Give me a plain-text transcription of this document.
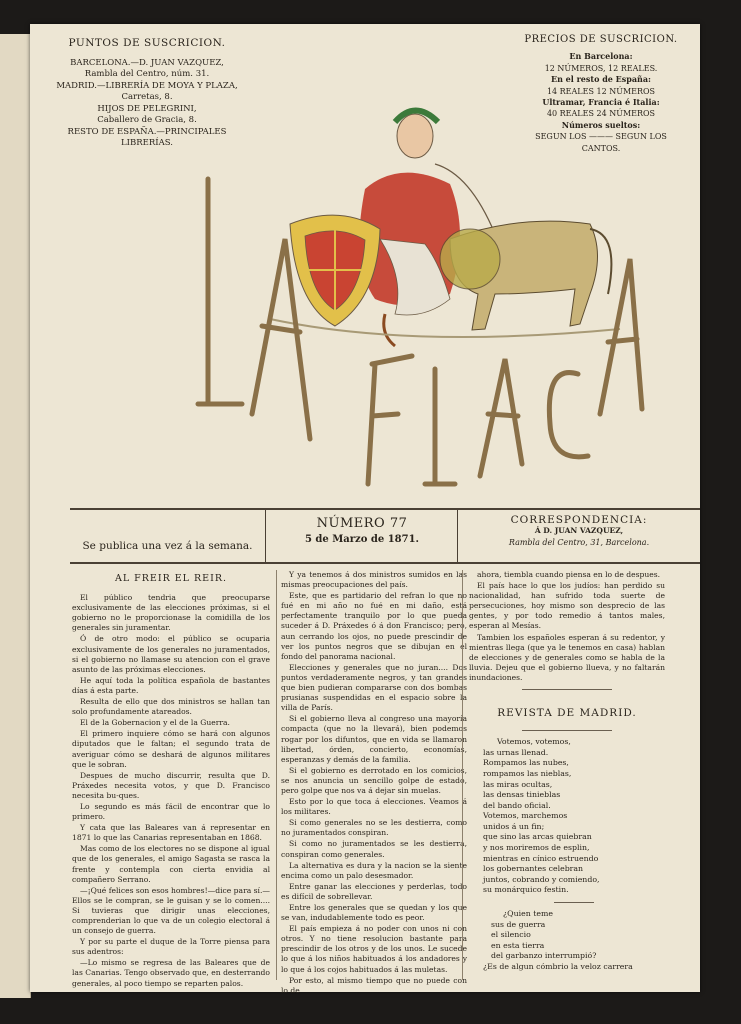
PUNTOS DE SUSCRICION.
BARCELONA.—D. JUAN VAZQUEZ,
Rambla del Centro, núm. 31.
MADRID.—LIBRERÍA DE MOYA Y PLAZA,
Carretas, 8.
HIJOS DE PELEGRINI,
Caballero de Gracia, 8.
RESTO DE ESPAÑA.—PRINCIPALES
LIBRERÍAS.
PRECIOS DE SUSCRICION.
En Barcelona:
12 NÚMEROS, 12 REALES.
En el resto de España:
14 REALES 12 NÚMEROS
Ultramar, Francia é Italia:
40 REALES 24 NÚMEROS
Números sueltos:
SEGUN LOS ——— SEGUN LOS CANTOS.
Se publica una vez á la semana.
NÚMERO 77
5 de Marzo de 1871.
CORRESPONDENCIA:
Á D. JUAN VAZQUEZ,
Rambla del Centro, 31, Barcelona.
AL FREIR EL REIR.

El público tendria que preocuparse exclusivamente de las elecciones próximas, si el gobierno no le proporcionase la comidilla de los generales sin juramentar.

Ó de otro modo: el público se ocuparia exclusivamente de los generales no juramentados, si el gobierno no llamase su atencion con el grave asunto de las próximas elecciones.

He aquí toda la política española de bastantes días á esta parte.

Resulta de ello que dos ministros se hallan tan solo profundamente atareados.

El de la Gobernacion y el de la Guerra.

El primero inquiere cómo se hará con algunos diputados que le faltan; el segundo trata de averiguar cómo se deshará de algunos militares que le sobran.

Despues de mucho discurrir, resulta que D. Práxedes necesita votos, y que D. Francisco necesita bu-ques.

Lo segundo es más fácil de encontrar que lo primero.

Y cata que las Baleares van á representar en 1871 lo que las Canarias representaban en 1868.

Mas como de los electores no se dispone al igual que de los generales, el amigo Sagasta se rasca la frente y contempla con cierta envidia al compañero Serrano.

—¡Qué felices son esos hombres!—dice para sí.— Ellos se le compran, se le guisan y se lo comen.... Si tuvieras que dirigir unas elecciones, comprenderian lo que va de un colegio electoral á un consejo de guerra.

Y por su parte el duque de la Torre piensa para sus adentros:

—Lo mismo se regresa de las Baleares que de las Canarias. Tengo observado que, en desterrando generales, al poco tiempo se reparten palos.

Y ya tenemos á dos ministros sumidos en las mismas preocupaciones del país.

Este, que es partidario del refran lo que no fué en mi año no fué en mi daño, está perfectamente tranquilo por lo que pueda suceder á D. Práxedes ó á don Francisco; pero, aun cerrando los ojos, no puede prescindir de ver los puntos negros que se dibujan en el fondo del panorama nacional.

Elecciones y generales que no juran.... Dos puntos verdaderamente negros, y tan grandes que bien pudieran compararse con dos bombas prusianas suspendidas en el espacio sobre la villa de París.

Si el gobierno lleva al congreso una mayoría compacta (que no la llevará), bien podemos rogar por los difuntos, que en vida se llamaron libertad, órden, concierto, economías, esperanzas y demás de la familia.

Si el gobierno es derrotado en los comicios, se nos anuncia un sencillo golpe de estado, pero golpe que nos va á dejar sin muelas.

Esto por lo que toca á elecciones. Veamos á los militares.

Si como generales no se les destierra, como no juramentados conspiran.

Si como no juramentados se les destierra, conspiran como generales.

La alternativa es dura y la nacion se la siente encima como un palo desesmador.

Entre ganar las elecciones y perderlas, todo es difícil de sobrellevar.

Entre los generales que se quedan y los que se van, indudablemente todo es peor.

El país empieza á no poder con unos ni con otros. Y no tiene resolucion bastante para prescindir de los otros y de los unos. Le sucede lo que á los niños habituados á los andadores y lo que á los cojos habituados á las muletas.

Por esto, al mismo tiempo que no puede con lo de

ahora, tiembla cuando piensa en lo de despues.

El país hace lo que los judíos: han perdido su nacionalidad, han sufrido toda suerte de persecuciones, hoy mismo son desprecio de las gentes, y por todo remedio á tantos males, esperan al Mesías.

Tambien los españoles esperan á su redentor, y mientras llega (que ya le tenemos en casa) hablan de elecciones y de generales como se habla de la lluvia. Dejeu que el gobierno llueva, y no faltarán inundaciones.

REVISTA DE MADRID.
Votemos, votemos,
las urnas llenad.
Rompamos las nubes,
rompamos las nieblas,
las miras ocultas,
las densas tinieblas
del bando oficial.
Votemos, marchemos
unidos á un fin;
que sino las arcas quiebran
y nos moriremos de esplin,
mientras en cínico estruendo
los gobernantes celebran
juntos, cobrando y comiendo,
su monárquico festin.
¿Quien teme
sus de guerra
el silencio
en esta tierra
del garbanzo interrumpió?
¿Es de algun cómbrio la veloz carrera
